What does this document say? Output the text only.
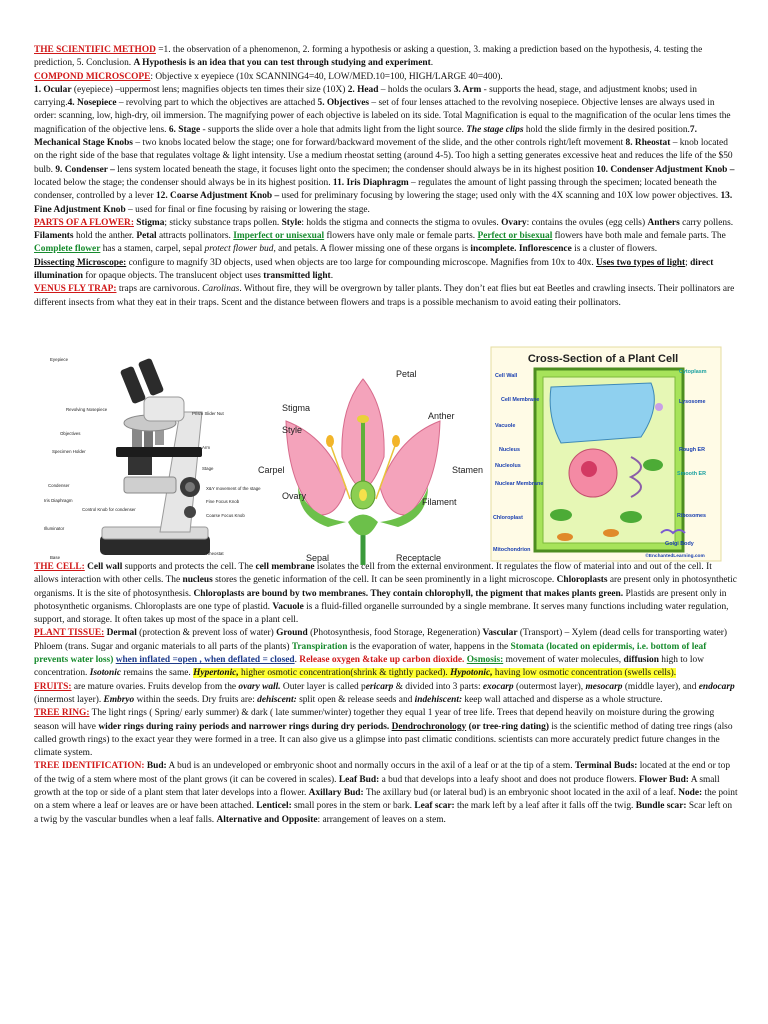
THE SCIENTIFIC METHOD =1. the observation of a phenomenon, 2. forming a hypothesis or asking a question, 3. making a prediction based on the hypothesis, 4. testing the prediction, 5. Conclusion. A Hypothesis is an idea that you can test through studying and experiment.

COMPOND MICROSCOPE: Objective x eyepiece (10x SCANNING4=40, LOW/MED.10=100, HIGH/LARGE 40=400).
1. Ocular (eyepiece) –uppermost lens; magnifies objects ten times their size (10X) 2. Head – holds the oculars 3. Arm - supports the head, stage, and adjustment knobs; used in carrying.4. Nosepiece – revolving part to which the objectives are attached 5. Objectives – set of four lenses attached to the revolving nosepiece. Objective lenses are always used in order: scanning, low, high-dry, oil immersion. The magnifying power of each objective is labeled on its side. Total Magnification is equal to the magnification of the ocular lens times the magnification of the objective lens. 6. Stage - supports the slide over a hole that admits light from the light source. The stage clips hold the slide firmly in the desired position.7. Mechanical Stage Knobs – two knobs located below the stage; one for forward/backward movement of the slide, and the other controls right/left movement 8. Rheostat – knob located on the right side of the base that regulates voltage & light intensity. Use a medium rheostat setting (around 4-5). Too high a setting generates excessive heat and reduces the life of the $50 bulb. 9. Condenser – lens system located beneath the stage, it focuses light onto the specimen; the condenser should always be in its highest position 10. Condenser Adjustment Knob – located below the stage; the condenser should always be in its highest position. 11. Iris Diaphragm – regulates the amount of light passing through the specimen; located beneath the condenser, controlled by a lever 12. Coarse Adjustment Knob – used for preliminary focusing by lowering the stage; used only with the 4X scanning and 10X low power objectives. 13. Fine Adjustment Knob – used for final or fine focusing by raising or lowering the stage.

PARTS OF A FLOWER: Stigma; sticky substance traps pollen. Style: holds the stigma and connects the stigma to ovules. Ovary: contains the ovules (egg cells) Anthers carry pollens. Filaments hold the anther. Petal attracts pollinators. Imperfect or unisexual flowers have only male or female parts. Perfect or bisexual flowers have both male and female parts. The Complete flower has a stamen, carpel, sepal protect flower bud, and petals. A flower missing one of these organs is incomplete. Inflorescence is a cluster of flowers.

Dissecting Microscope: configure to magnify 3D objects, used when objects are too large for compounding microscope. Magnifies from 10x to 40x. Uses two types of light; direct illumination for opaque objects. The translucent object uses transmitted light.

VENUS FLY TRAP: traps are carnivorous. Carolinas. Without fire, they will be overgrown by taller plants. They don’t eat flies but eat Beetles and crawling insects. Their pollinators are different insects from what they eat in their traps. Scent and the distance between flowers and traps is a possible mechanism to avoid eating their pollinators.

Eyepiece
Revolving Nosepiece
Objectives
Specimen Holder
Condenser
Iris Diaphragm
Control Knob for condenser
Illuminator
Base
Prism Slider Nut
Arm
Stage
X&Y movement of the stage
Fine Focus Knob
Coarse Focus Knob
Rheostat
Petal
Stigma
Style
Carpel
Ovary
Anther
Stamen
Filament
Sepal	Receptacle
Cross-Section of a Plant Cell
Cell Wall
Cell Membrane
Vacuole
Nucleus
Nucleolus
Nuclear Membrane
Chloroplast
Mitochondrion
Cytoplasm
Lysosome
Rough ER
Smooth ER
Ribosomes
Golgi Body
©EnchantedLearning.com

THE CELL: Cell wall supports and protects the cell. The cell membrane isolates the cell from the external environment. It regulates the flow of material into and out of the cell. It allows interaction with other cells. The nucleus stores the genetic information of the cell. It can be seen prominently in a light microscope. Chloroplasts are present only in photosynthetic organisms. It is the site of photosynthesis. Chloroplasts are bound by two membranes. They contain chlorophyll, the pigment that makes plants green. Plastids are present only in photosynthetic organisms. Chloroplasts are one type of plastid. Vacuole is a fluid-filled organelle surrounded by a single membrane. It serves many functions including water regulation, support, and storage. It often takes up most of the space in a plant cell.

PLANT TISSUE: Dermal (protection & prevent loss of water) Ground (Photosynthesis, food Storage, Regeneration) Vascular (Transport) – Xylem (dead cells for transporting water) Phloem (trans. Sugar and organic materials to all parts of the plants) Transpiration is the evaporation of water, happens in the Stomata (located on epidermis, i.e. bottom of leaf prevents water loss) when inflated =open , when deflated = closed. Release oxygen &take up carbon dioxide. Osmosis: movement of water molecules, diffusion high to low concentration. Isotonic remains the same. Hypertonic, higher osmotic concentration(shrink & tightly packed). Hypotonic, having low osmotic concentration (swells cells).

FRUITS: are mature ovaries. Fruits develop from the ovary wall. Outer layer is called pericarp & divided into 3 parts: exocarp (outermost layer), mesocarp (middle layer), and endocarp (innermost layer). Embryo within the seeds. Dry fruits are: dehiscent: split open & release seeds and indehiscent: keep wall attached and disperse as a whole structure.

TREE RING: The light rings ( Spring/ early summer) & dark ( late summer/winter) together they equal 1 year of tree life. Trees that depend heavily on moisture during the growing season will have wider rings during rainy periods and narrower rings during dry periods. Dendrochronology (or tree-ring dating) is the scientific method of dating tree rings (also called growth rings) to the exact year they were formed in a tree. It can also give us a glimpse into past climatic conditions. scientists can more accurately predict future changes in the climate system.

TREE IDENTIFICATION: Bud: A bud is an undeveloped or embryonic shoot and normally occurs in the axil of a leaf or at the tip of a stem. Terminal Buds: located at the end or top of the twig of a stem where most of the plant grows (it can be covered in scales). Leaf Bud: a bud that develops into a leafy shoot and does not produce flowers. Flower Bud: A small growth at the top or side of a plant stem that later develops into a flower. Axillary Bud: The axillary bud (or lateral bud) is an embryonic shoot located in the axil of a leaf. Node: the point on a stem where a leaf or leaves are or have been attached. Lenticel: small pores in the stem or bark. Leaf scar: the mark left by a leaf after it falls off the twig. Bundle scar: Scar left on a twig by the vascular bundles when a leaf falls. Alternative and Opposite: arrangement of leaves on a stem.
